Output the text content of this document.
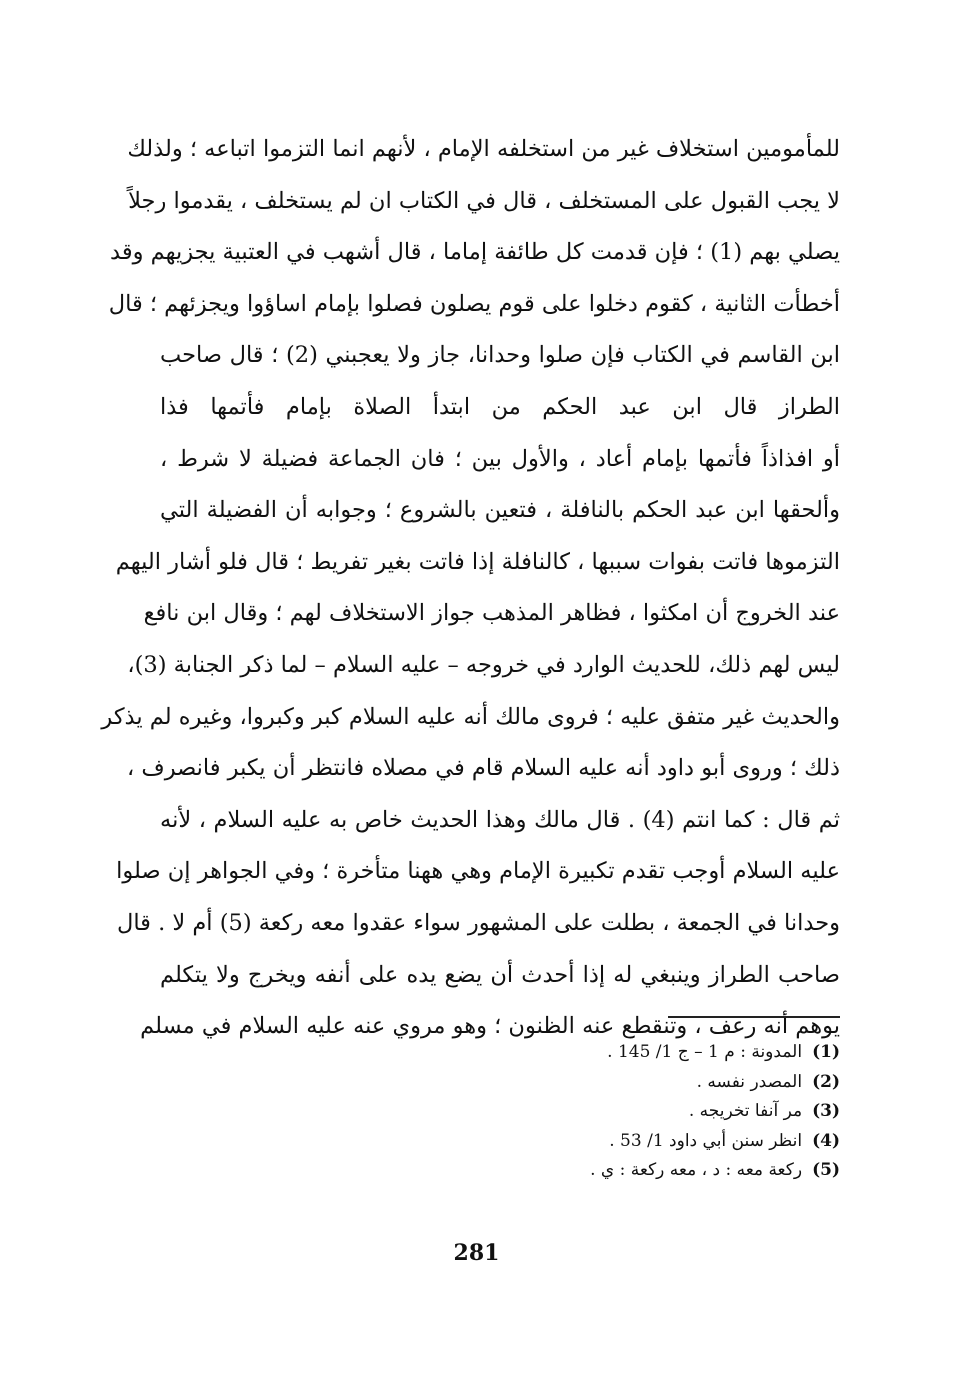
للمأمومين استخلاف غير من استخلفه الإمام ، لأنهم انما التزموا اتباعه ؛ ولذلك
لا يجب القبول على المستخلف ، قال في الكتاب ان لم يستخلف ، يقدموا رجلاً
يصلي بهم (1) ؛ فإن قدمت كل طائفة إماما ، قال أشهب في العتبية يجزيهم وقد
أخطأت الثانية ، كقوم دخلوا على قوم يصلون فصلوا بإمام اساؤوا ويجزئهم ؛ قال
ابن القاسم في الكتاب فإن صلوا وحدانا، جاز ولا يعجبني (2) ؛ قال صاحب
الطراز قال ابن عبد الحكم من ابتدأ الصلاة بإمام فأتمها فذا
أو افذاذاً فأتمها بإمام أعاد ، والأول بين ؛ فان الجماعة فضيلة لا شرط ،
وألحقها ابن عبد الحكم بالنافلة ، فتعين بالشروع ؛ وجوابه أن الفضيلة التي
التزموها فاتت بفوات سببها ، كالنافلة إذا فاتت بغير تفريط ؛ قال فلو أشار اليهم
عند الخروج أن امكثوا ، فظاهر المذهب جواز الاستخلاف لهم ؛ وقال ابن نافع
ليس لهم ذلك، للحديث الوارد في خروجه – عليه السلام – لما ذكر الجنابة (3)،
والحديث غير متفق عليه ؛ فروى مالك أنه عليه السلام كبر وكبروا، وغيره لم يذكر
ذلك ؛ وروى أبو داود أنه عليه السلام قام في مصلاه فانتظر أن يكبر فانصرف ،
ثم قال : كما انتم (4) . قال مالك وهذا الحديث خاص به عليه السلام ، لأنه
عليه السلام أوجب تقدم تكبيرة الإمام وهي ههنا متأخرة ؛ وفي الجواهر إن صلوا
وحدانا في الجمعة ، بطلت على المشهور سواء عقدوا معه ركعة (5) أم لا . قال
صاحب الطراز وينبغي له إذا أحدث أن يضع يده على أنفه ويخرج ولا يتكلم
يوهم أنه رعف ، وتنقطع عنه الظنون ؛ وهو مروي عنه عليه السلام في مسلم
(1)المدونة : م 1 – ج 1/ 145 .
(2)المصدر نفسه .
(3)مر آنفا تخريجه .
(4)انظر سنن أبي داود 1/ 53 .
(5)ركعة معه : د ، معه ركعة : ي .
281
